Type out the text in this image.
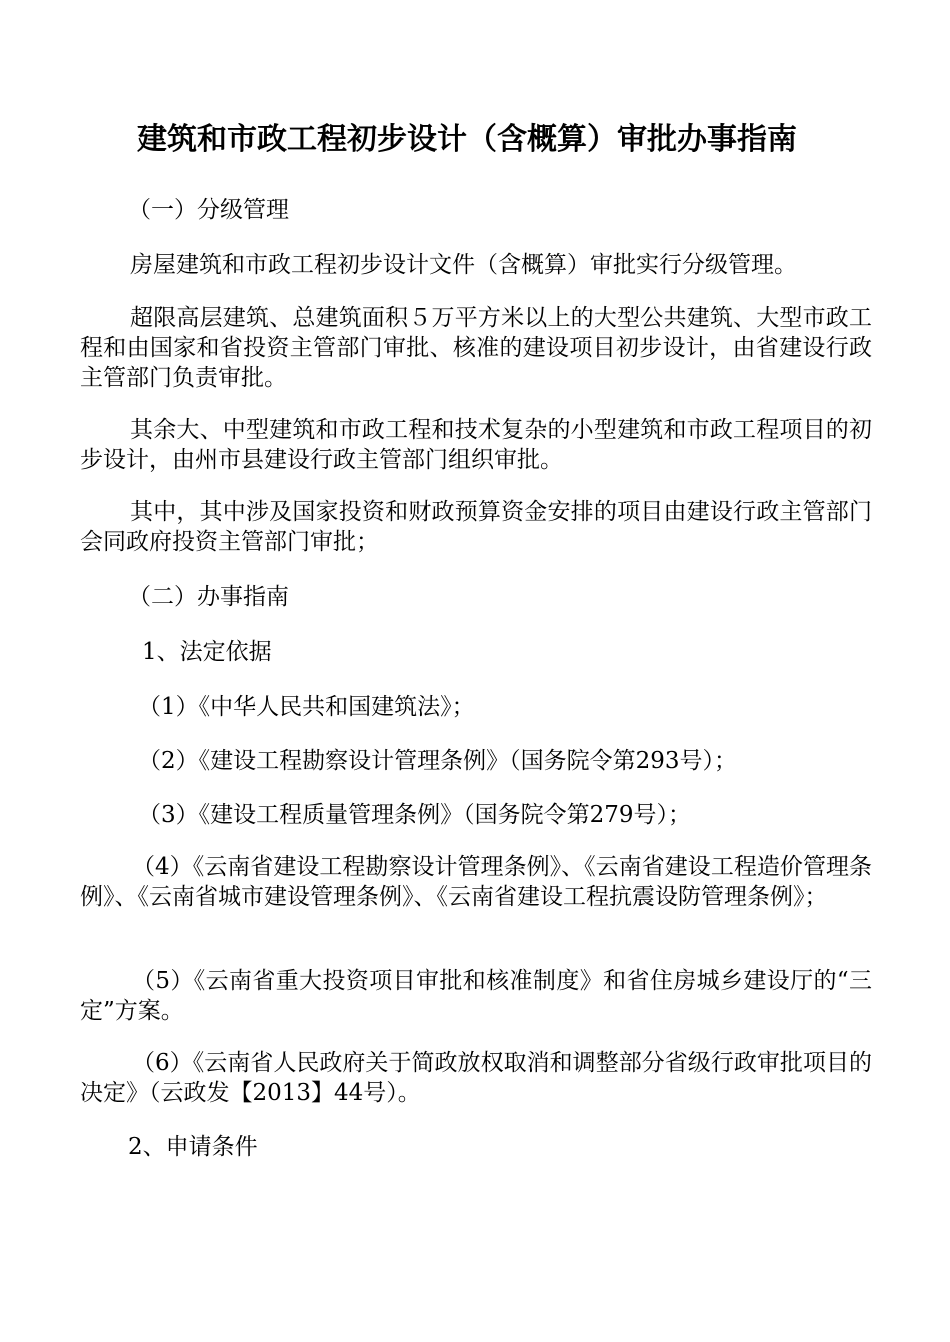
建筑和市政工程初步设计（含概算）审批办事指南

（一）分级管理

房屋建筑和市政工程初步设计文件（含概算）审批实行分级管理。

超限高层建筑、总建筑面积５万平方米以上的大型公共建筑、大型市政工程和由国家和省投资主管部门审批、核准的建设项目初步设计，由省建设行政主管部门负责审批。

其余大、中型建筑和市政工程和技术复杂的小型建筑和市政工程项目的初步设计，由州市县建设行政主管部门组织审批。

其中，其中涉及国家投资和财政预算资金安排的项目由建设行政主管部门会同政府投资主管部门审批；

（二）办事指南

1、法定依据

（1）《中华人民共和国建筑法》；

（2）《建设工程勘察设计管理条例》（国务院令第293号）；

（3）《建设工程质量管理条例》（国务院令第279号）；

（4）《云南省建设工程勘察设计管理条例》、《云南省建设工程造价管理条例》、《云南省城市建设管理条例》、《云南省建设工程抗震设防管理条例》；

（5）《云南省重大投资项目审批和核准制度》和省住房城乡建设厅的“三定”方案。

（6）《云南省人民政府关于简政放权取消和调整部分省级行政审批项目的决定》（云政发【2013】44号）。

2、申请条件
